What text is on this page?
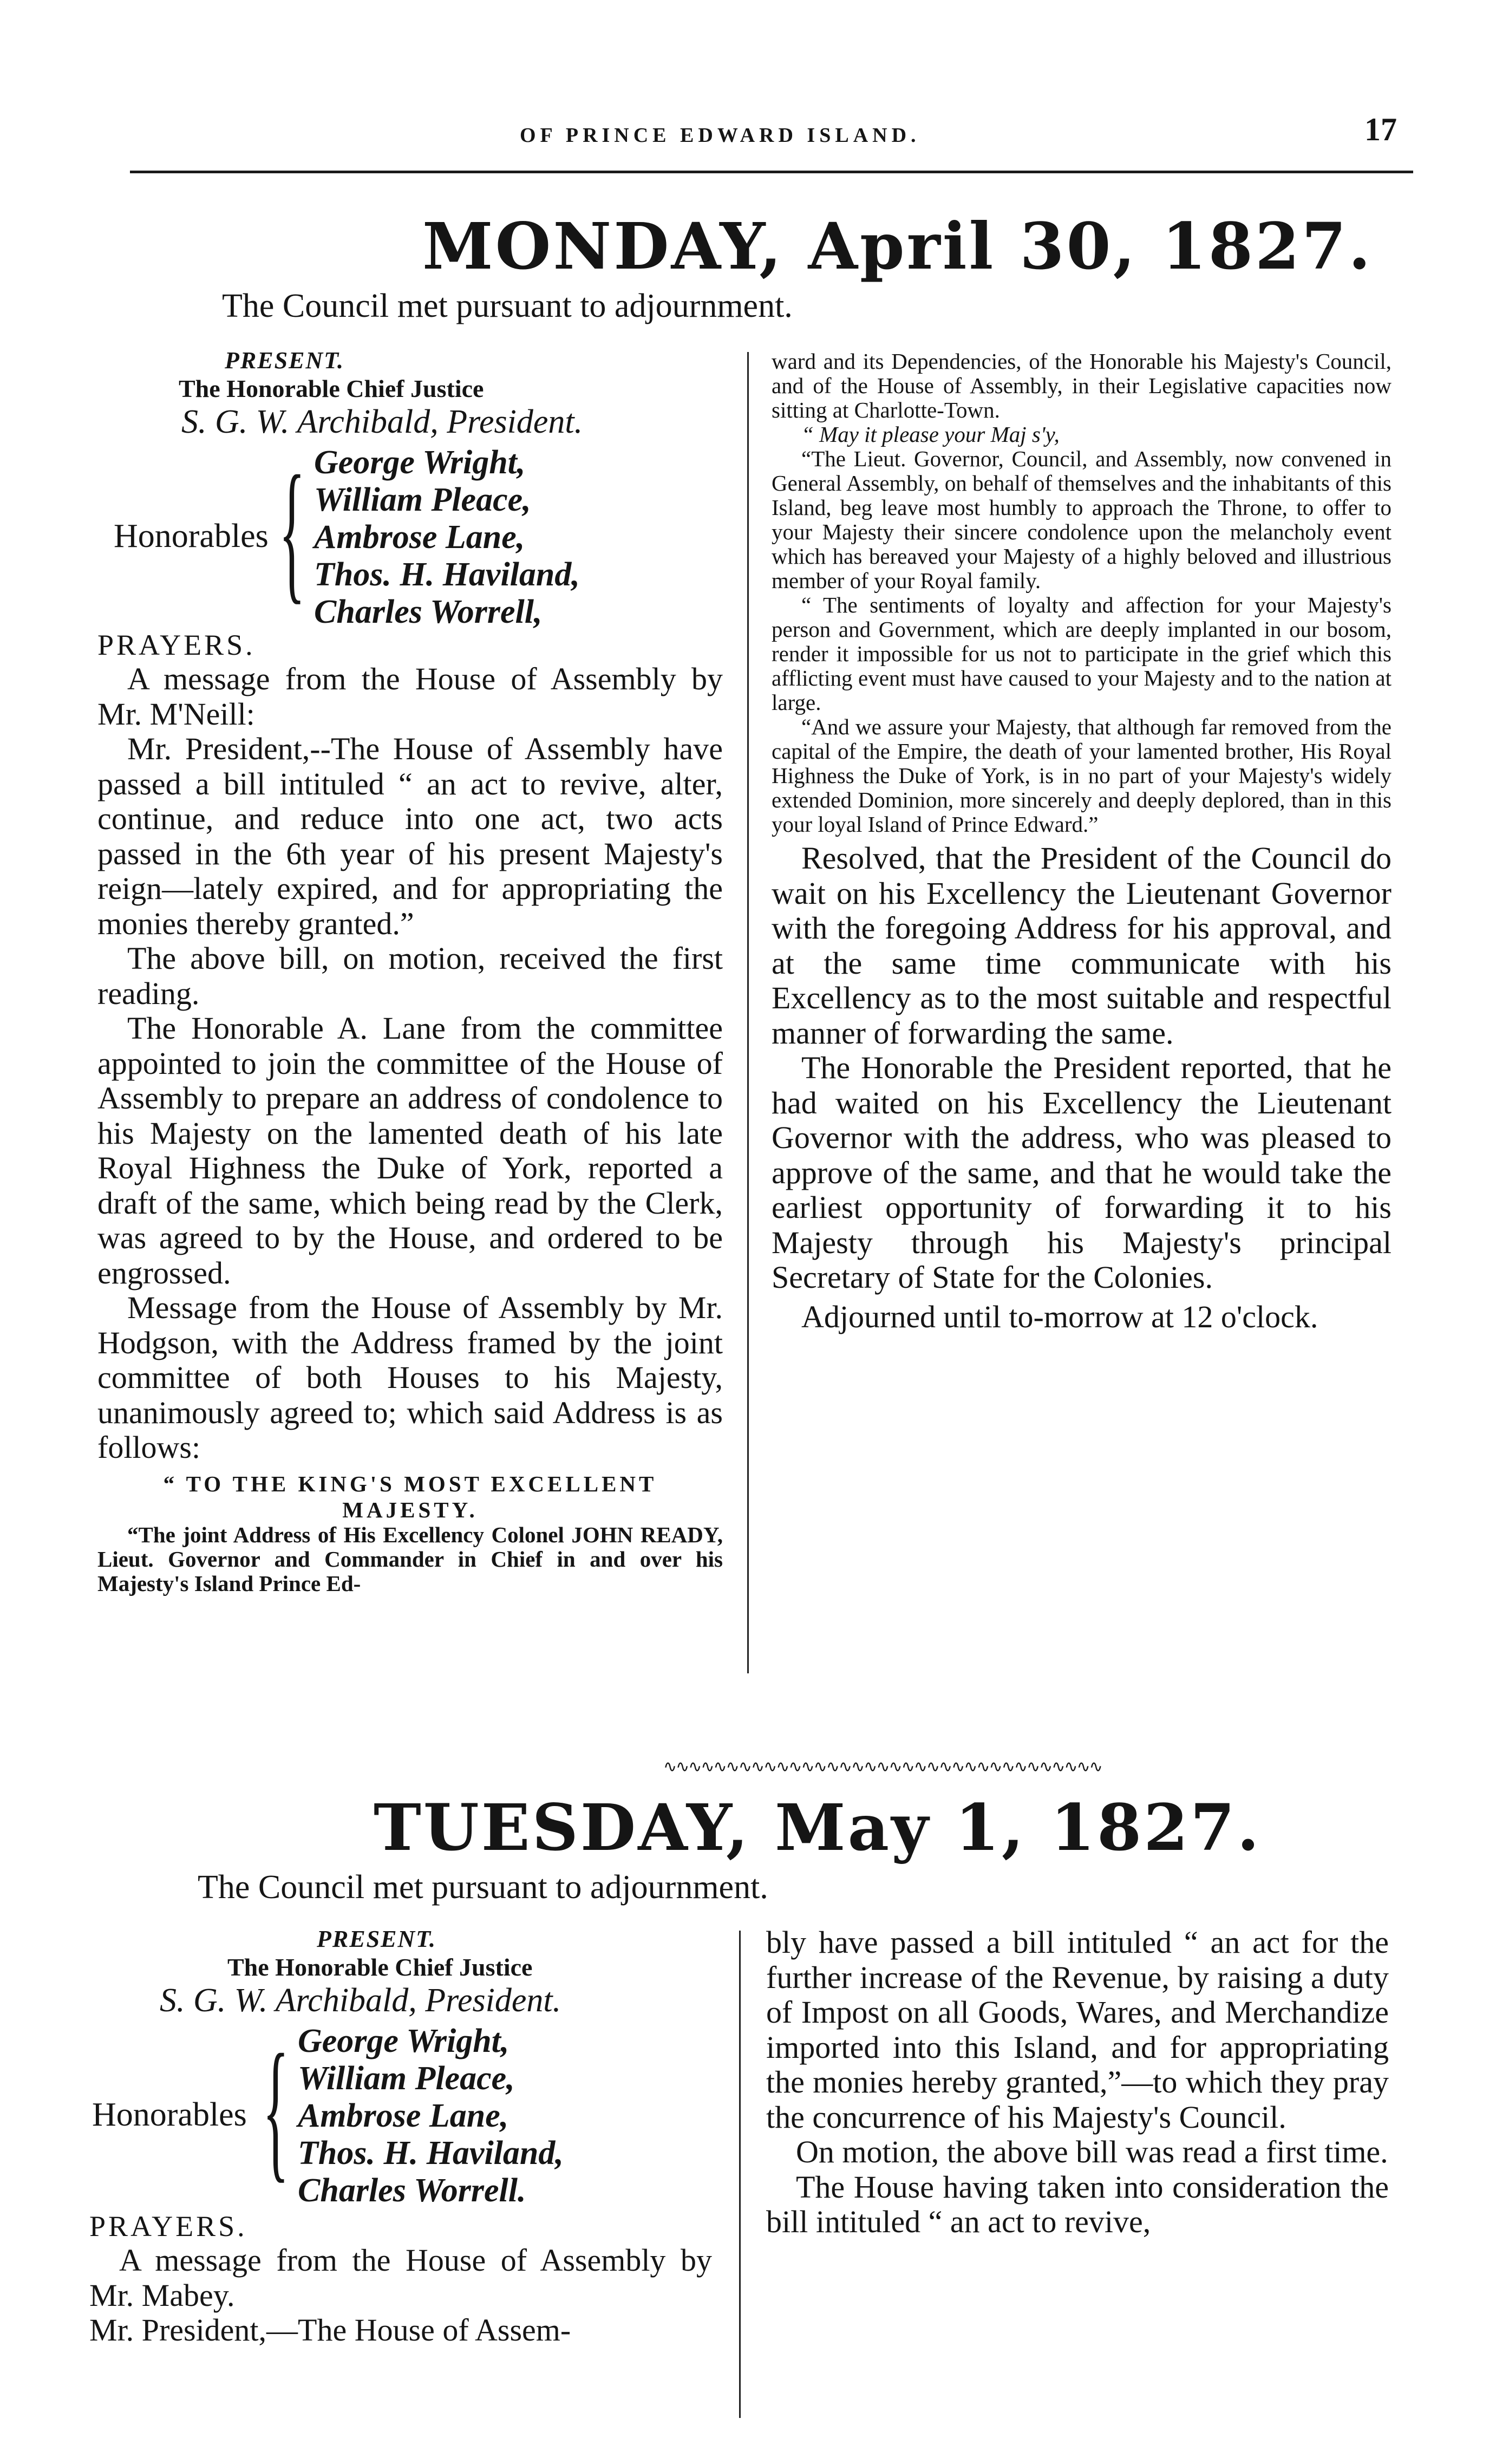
OF PRINCE EDWARD ISLAND.	17
MONDAY, April 30, 1827.
The Council met pursuant to adjournment.
PRESENT.
The Honorable Chief Justice
S. G. W. Archibald, President.
Honorables { George Wright,
William Pleace,
Ambrose Lane,
Thos. H. Haviland,
Charles Worrell,
PRAYERS.

A message from the House of Assembly by Mr. M'Neill:

Mr. President,--The House of Assembly have passed a bill intituled “ an act to revive, alter, continue, and reduce into one act, two acts passed in the 6th year of his present Majesty's reign—lately expired, and for appropriating the monies thereby granted.”

The above bill, on motion, received the first reading.

The Honorable A. Lane from the committee appointed to join the committee of the House of Assembly to prepare an address of condolence to his Majesty on the lamented death of his late Royal Highness the Duke of York, reported a draft of the same, which being read by the Clerk, was agreed to by the House, and ordered to be engrossed.

Message from the House of Assembly by Mr. Hodgson, with the Address framed by the joint committee of both Houses to his Majesty, unanimously agreed to; which said Address is as follows:

“ TO THE KING'S MOST EXCELLENT
MAJESTY.

“The joint Address of His Excellency Colonel JOHN READY, Lieut. Governor and Commander in Chief in and over his Majesty's Island Prince Ed-

ward and its Dependencies, of the Honorable his Majesty's Council, and of the House of Assembly, in their Legislative capacities now sitting at Charlotte-Town.

“ May it please your Maj s'y,

“The Lieut. Governor, Council, and Assembly, now convened in General Assembly, on behalf of themselves and the inhabitants of this Island, beg leave most humbly to approach the Throne, to offer to your Majesty their sincere condolence upon the melancholy event which has bereaved your Majesty of a highly beloved and illustrious member of your Royal family.

“ The sentiments of loyalty and affection for your Majesty's person and Government, which are deeply implanted in our bosom, render it impossible for us not to participate in the grief which this afflicting event must have caused to your Majesty and to the nation at large.

“And we assure your Majesty, that although far removed from the capital of the Empire, the death of your lamented brother, His Royal Highness the Duke of York, is in no part of your Majesty's widely extended Dominion, more sincerely and deeply deplored, than in this your loyal Island of Prince Edward.”

Resolved, that the President of the Council do wait on his Excellency the Lieutenant Governor with the foregoing Address for his approval, and at the same time communicate with his Excellency as to the most suitable and respectful manner of forwarding the same.

The Honorable the President reported, that he had waited on his Excellency the Lieutenant Governor with the address, who was pleased to approve of the same, and that he would take the earliest opportunity of forwarding it to his Majesty through his Majesty's principal Secretary of State for the Colonies.

Adjourned until to-morrow at 12 o'clock.

∿∿∿∿∿∿∿∿∿∿∿∿∿∿∿∿∿∿∿∿∿∿∿∿∿∿∿∿∿∿∿∿∿∿∿
TUESDAY, May 1, 1827.
The Council met pursuant to adjournment.
PRESENT.
The Honorable Chief Justice
S. G. W. Archibald, President.
Honorables { George Wright,
William Pleace,
Ambrose Lane,
Thos. H. Haviland,
Charles Worrell.
PRAYERS.

A message from the House of Assembly by Mr. Mabey.

Mr. President,—The House of Assem-

bly have passed a bill intituled “ an act for the further increase of the Revenue, by raising a duty of Impost on all Goods, Wares, and Merchandize imported into this Island, and for appropriating the monies hereby granted,”—to which they pray the concurrence of his Majesty's Council.

On motion, the above bill was read a first time.

The House having taken into consideration the bill intituled “ an act to revive,
